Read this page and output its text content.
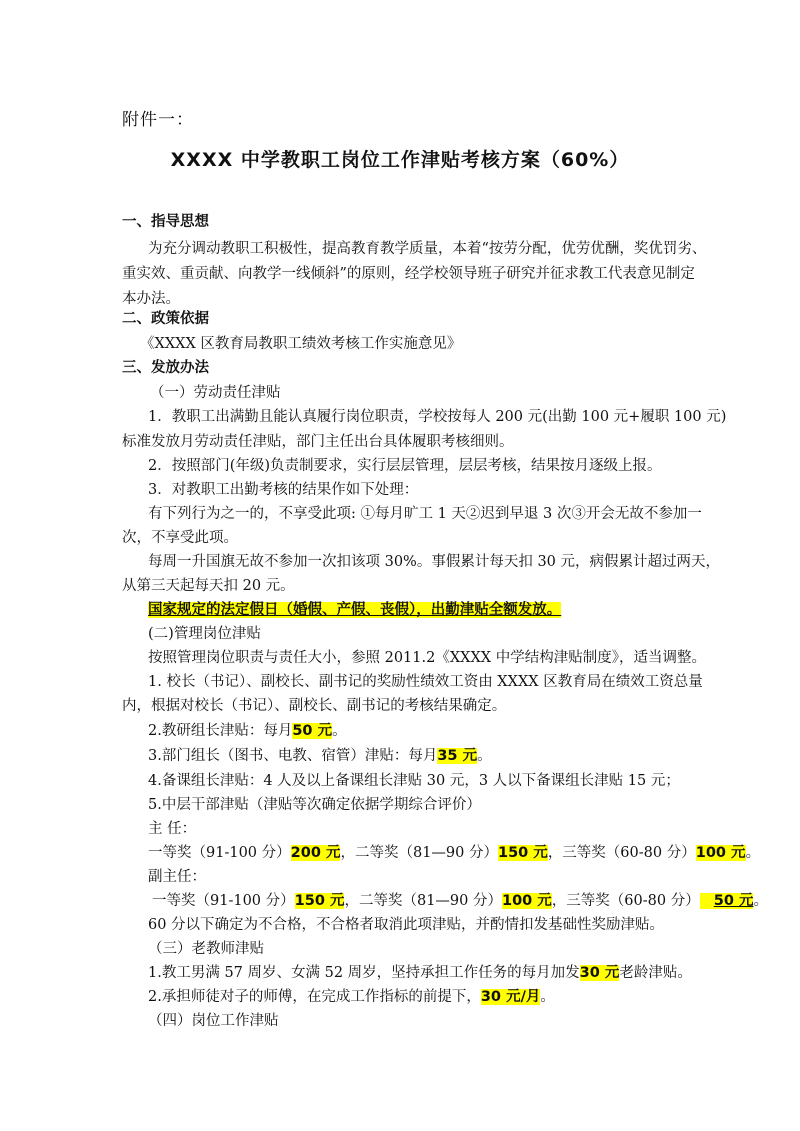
附件一：
XXXX 中学教职工岗位工作津贴考核方案（60%）
一、指导思想
为充分调动教职工积极性，提高教育教学质量，本着“按劳分配，优劳优酬，奖优罚劣、
重实效、重贡献、向教学一线倾斜”的原则，经学校领导班子研究并征求教工代表意见制定
本办法。
二、政策依据
《XXXX 区教育局教职工绩效考核工作实施意见》
三、发放办法
（一）劳动责任津贴
1．教职工出满勤且能认真履行岗位职责，学校按每人 200 元(出勤 100 元+履职 100 元)
标准发放月劳动责任津贴，部门主任出台具体履职考核细则。
2．按照部门(年级)负责制要求，实行层层管理，层层考核，结果按月逐级上报。
3．对教职工出勤考核的结果作如下处理：
有下列行为之一的，不享受此项: ①每月旷工 1 天②迟到早退 3 次③开会无故不参加一
次，不享受此项。
每周一升国旗无故不参加一次扣该项 30%。事假累计每天扣 30 元，病假累计超过两天，
从第三天起每天扣 20 元。
国家规定的法定假日（婚假、产假、丧假），出勤津贴全额发放。
(二)管理岗位津贴
按照管理岗位职责与责任大小，参照 2011.2《XXXX 中学结构津贴制度》，适当调整。
1. 校长（书记）、副校长、副书记的奖励性绩效工资由 XXXX 区教育局在绩效工资总量
内，根据对校长（书记）、副校长、副书记的考核结果确定。
2.教研组长津贴：每月50 元。
3.部门组长（图书、电教、宿管）津贴：每月35 元。
4.备课组长津贴：4 人及以上备课组长津贴 30 元，3 人以下备课组长津贴 15 元；
5.中层干部津贴（津贴等次确定依据学期综合评价）
主 任：
一等奖（91-100 分）200 元，二等奖（81—90 分）150 元，三等奖（60-80 分）100 元。
副主任：
一等奖（91-100 分）150 元，二等奖（81—90 分）100 元，三等奖（60-80 分） 50 元。
60 分以下确定为不合格，不合格者取消此项津贴，并酌情扣发基础性奖励津贴。
（三）老教师津贴
1.教工男满 57 周岁、女满 52 周岁，坚持承担工作任务的每月加发30 元老龄津贴。
2.承担师徒对子的师傅，在完成工作指标的前提下，30 元/月。
（四）岗位工作津贴
